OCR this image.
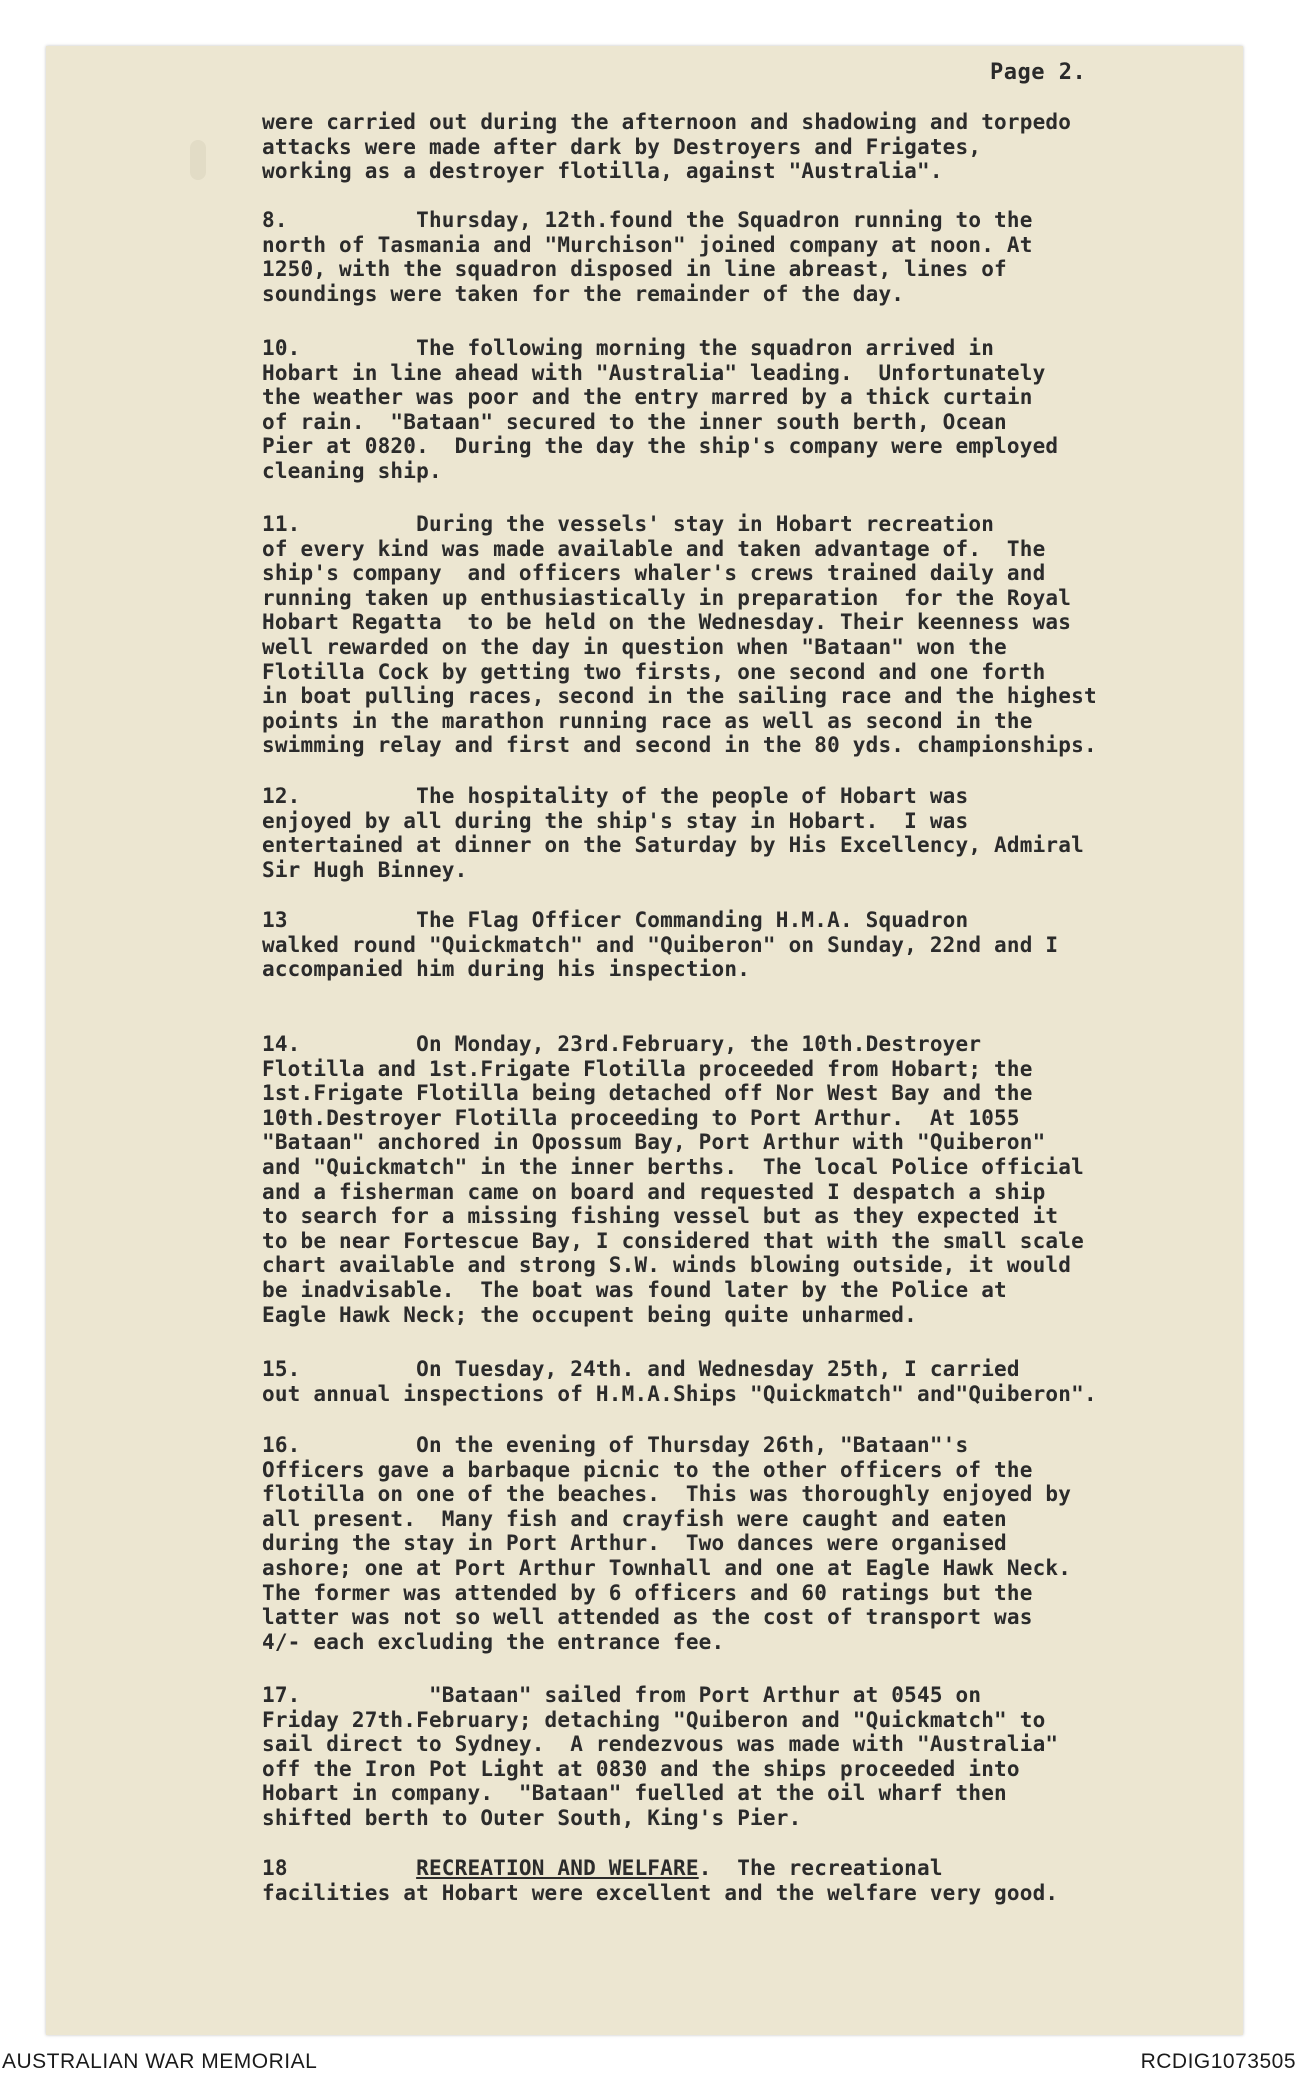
Page 2.

were carried out during the afternoon and shadowing and torpedo
attacks were made after dark by Destroyers and Frigates,
working as a destroyer flotilla, against "Australia".

8.          Thursday, 12th.found the Squadron running to the
north of Tasmania and "Murchison" joined company at noon. At
1250, with the squadron disposed in line abreast, lines of
soundings were taken for the remainder of the day.

10.         The following morning the squadron arrived in
Hobart in line ahead with "Australia" leading.  Unfortunately
the weather was poor and the entry marred by a thick curtain
of rain.  "Bataan" secured to the inner south berth, Ocean
Pier at 0820.  During the day the ship's company were employed
cleaning ship.

11.         During the vessels' stay in Hobart recreation
of every kind was made available and taken advantage of.  The
ship's company  and officers whaler's crews trained daily and
running taken up enthusiastically in preparation  for the Royal
Hobart Regatta  to be held on the Wednesday. Their keenness was
well rewarded on the day in question when "Bataan" won the
Flotilla Cock by getting two firsts, one second and one forth
in boat pulling races, second in the sailing race and the highest
points in the marathon running race as well as second in the
swimming relay and first and second in the 80 yds. championships.

12.         The hospitality of the people of Hobart was
enjoyed by all during the ship's stay in Hobart.  I was
entertained at dinner on the Saturday by His Excellency, Admiral
Sir Hugh Binney.

13          The Flag Officer Commanding H.M.A. Squadron
walked round "Quickmatch" and "Quiberon" on Sunday, 22nd and I
accompanied him during his inspection.

14.         On Monday, 23rd.February, the 10th.Destroyer
Flotilla and 1st.Frigate Flotilla proceeded from Hobart; the
1st.Frigate Flotilla being detached off Nor West Bay and the
10th.Destroyer Flotilla proceeding to Port Arthur.  At 1055
"Bataan" anchored in Opossum Bay, Port Arthur with "Quiberon"
and "Quickmatch" in the inner berths.  The local Police official
and a fisherman came on board and requested I despatch a ship
to search for a missing fishing vessel but as they expected it
to be near Fortescue Bay, I considered that with the small scale
chart available and strong S.W. winds blowing outside, it would
be inadvisable.  The boat was found later by the Police at
Eagle Hawk Neck; the occupent being quite unharmed.

15.         On Tuesday, 24th. and Wednesday 25th, I carried
out annual inspections of H.M.A.Ships "Quickmatch" and"Quiberon".

16.         On the evening of Thursday 26th, "Bataan"'s
Officers gave a barbaque picnic to the other officers of the
flotilla on one of the beaches.  This was thoroughly enjoyed by
all present.  Many fish and crayfish were caught and eaten
during the stay in Port Arthur.  Two dances were organised
ashore; one at Port Arthur Townhall and one at Eagle Hawk Neck.
The former was attended by 6 officers and 60 ratings but the
latter was not so well attended as the cost of transport was
4/- each excluding the entrance fee.

17.          "Bataan" sailed from Port Arthur at 0545 on
Friday 27th.February; detaching "Quiberon and "Quickmatch" to
sail direct to Sydney.  A rendezvous was made with "Australia"
off the Iron Pot Light at 0830 and the ships proceeded into
Hobart in company.  "Bataan" fuelled at the oil wharf then
shifted berth to Outer South, King's Pier.

18	RECREATION AND WELFARE.  The recreational
facilities at Hobart were excellent and the welfare very good.
AUSTRALIAN WAR MEMORIAL	RCDIG1073505
